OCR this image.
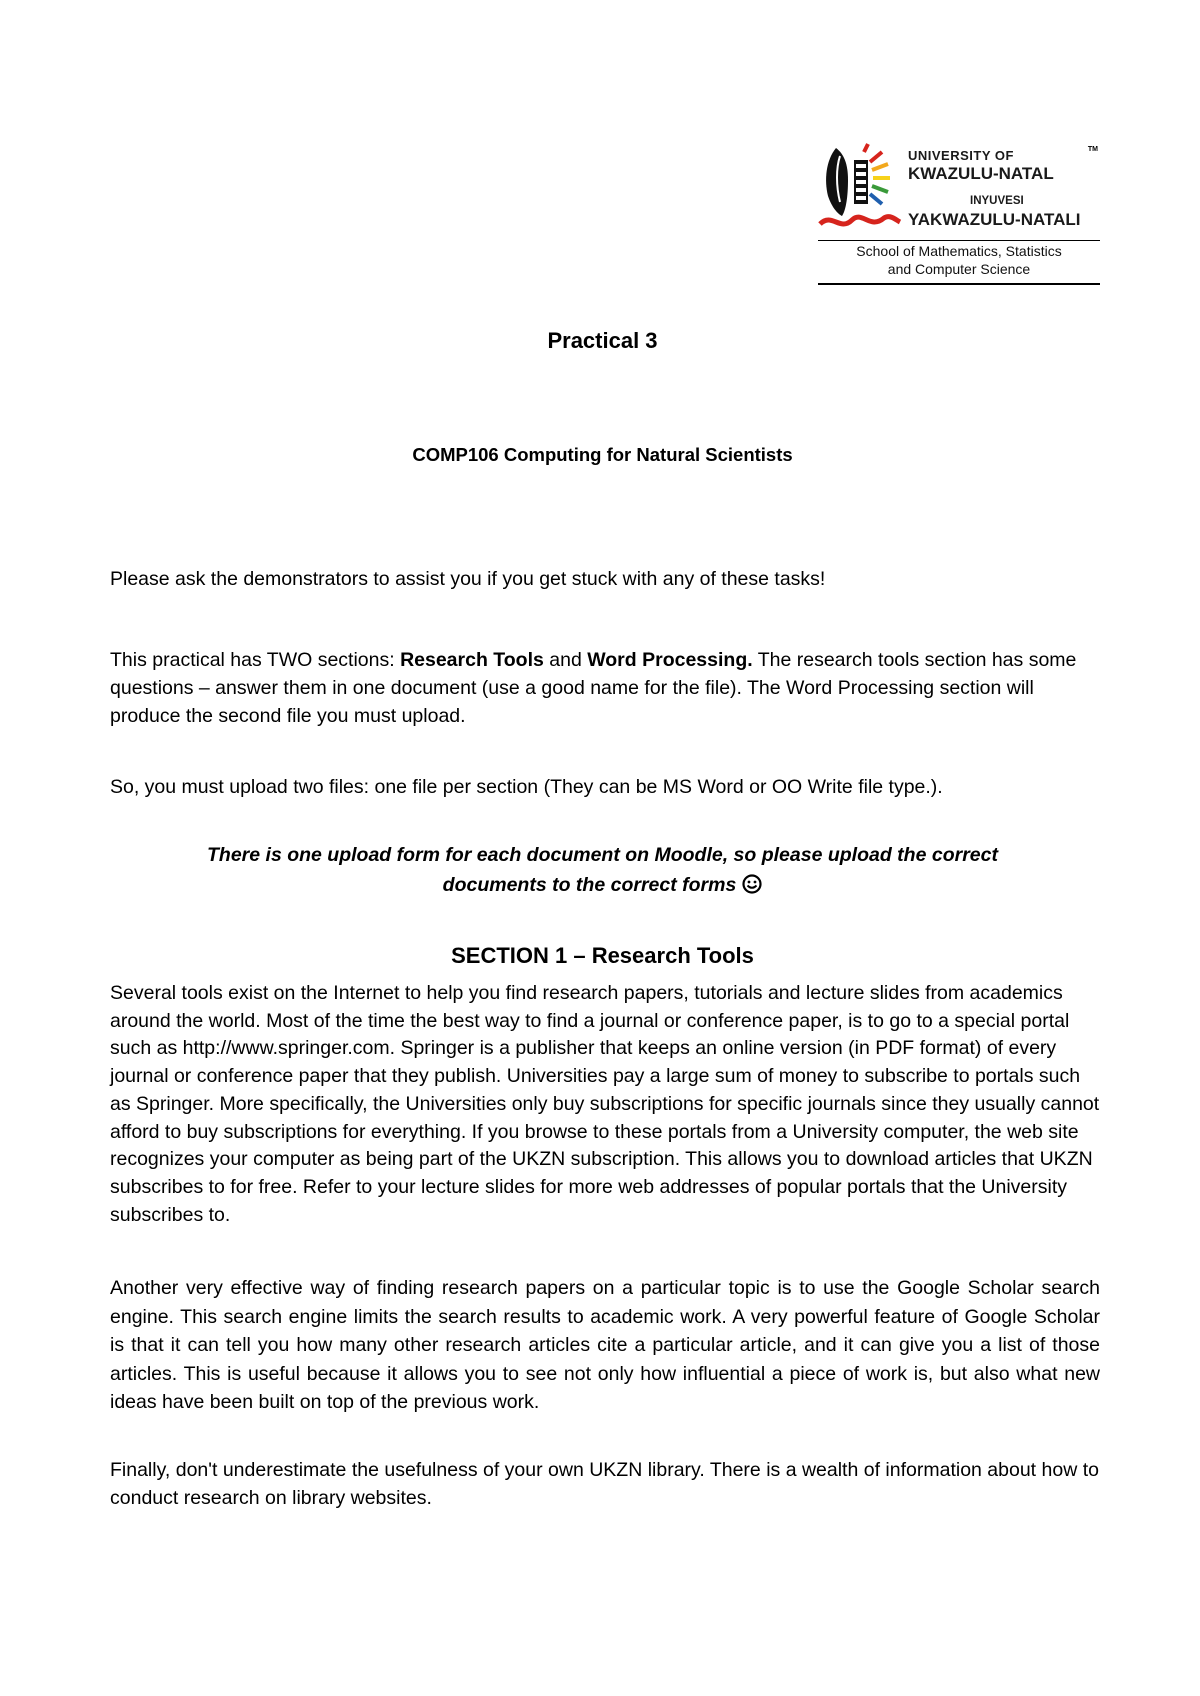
UNIVERSITY OF	TM
KWAZULU-NATAL
INYUVESI
YAKWAZULU-NATALI
School of Mathematics, Statistics
and Computer Science
Practical 3
COMP106 Computing for Natural Scientists

Please ask the demonstrators to assist you if you get stuck with any of these tasks!

This practical has TWO sections: Research Tools and Word Processing. The research tools section has some questions – answer them in one document (use a good name for the file). The Word Processing section will produce the second file you must upload.

So, you must upload two files: one file per section (They can be MS Word or OO Write file type.).

There is one upload form for each document on Moodle, so please upload the correct
documents to the correct forms
SECTION 1 – Research Tools

Several tools exist on the Internet to help you find research papers, tutorials and lecture slides from academics around the world. Most of the time the best way to find a journal or conference paper, is to go to a special portal such as http://www.springer.com. Springer is a publisher that keeps an online version (in PDF format) of every journal or conference paper that they publish. Universities pay a large sum of money to subscribe to portals such as Springer. More specifically, the Universities only buy subscriptions for specific journals since they usually cannot afford to buy subscriptions for everything. If you browse to these portals from a University computer, the web site recognizes your computer as being part of the UKZN subscription. This allows you to download articles that UKZN subscribes to for free. Refer to your lecture slides for more web addresses of popular portals that the University subscribes to.

Another very effective way of finding research papers on a particular topic is to use the Google Scholar search engine. This search engine limits the search results to academic work. A very powerful feature of Google Scholar is that it can tell you how many other research articles cite a particular article, and it can give you a list of those articles. This is useful because it allows you to see not only how influential a piece of work is, but also what new ideas have been built on top of the previous work.

Finally, don't underestimate the usefulness of your own UKZN library. There is a wealth of information about how to conduct research on library websites.
